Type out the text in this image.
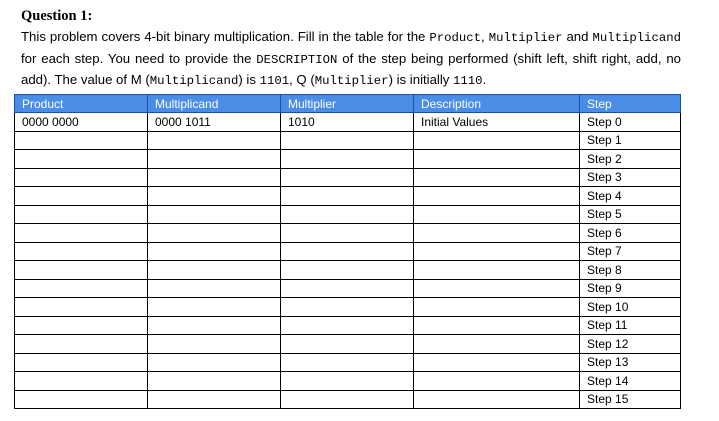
Question 1:

This problem covers 4-bit binary multiplication. Fill in the table for the Product, Multiplier and Multiplicand for each step. You need to provide the DESCRIPTION of the step being performed (shift left, shift right, add, no add). The value of M (Multiplicand) is 1101, Q (Multiplier) is initially 1110.

Product	Multiplicand	Multiplier	Description	Step
0000 0000	0000 1011	1010	Initial Values	Step 0
				Step 1
				Step 2
				Step 3
				Step 4
				Step 5
				Step 6
				Step 7
				Step 8
				Step 9
				Step 10
				Step 11
				Step 12
				Step 13
				Step 14
				Step 15
